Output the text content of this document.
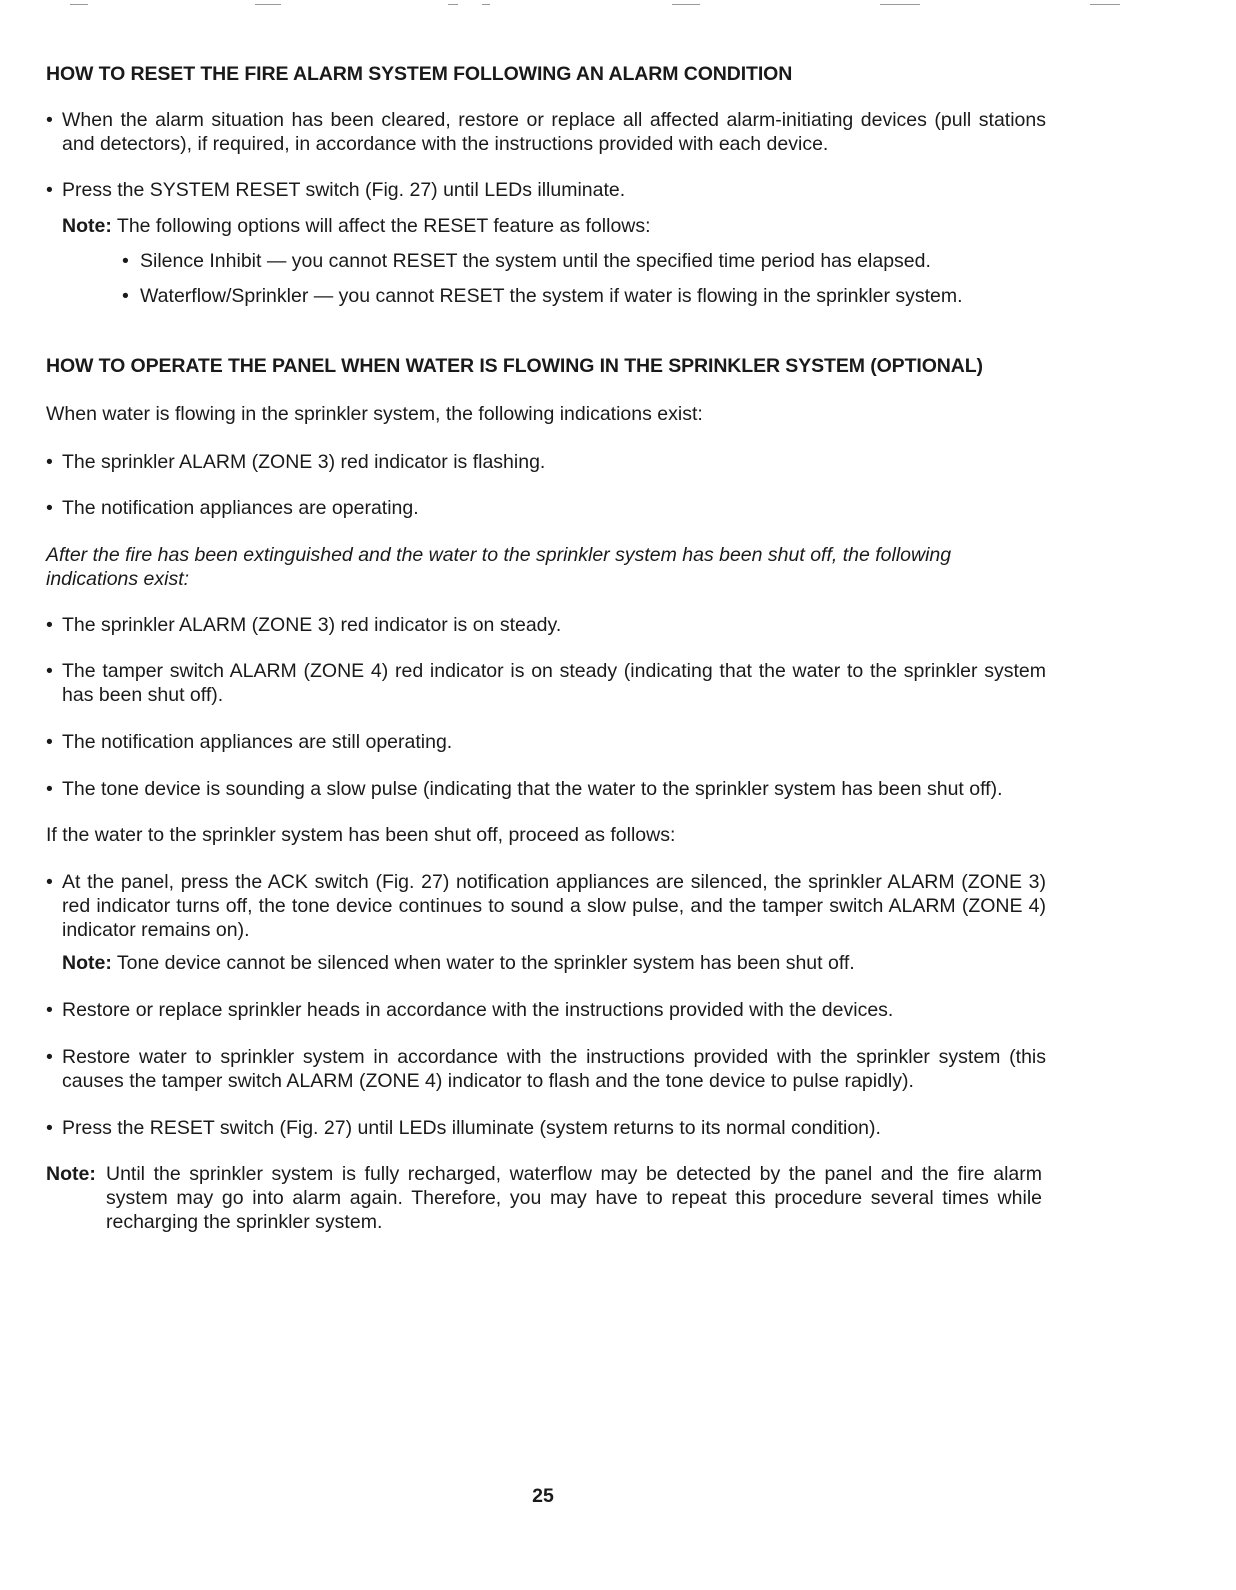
HOW TO RESET THE FIRE ALARM SYSTEM FOLLOWING AN ALARM CONDITION
• When the alarm situation has been cleared, restore or replace all affected alarm-initiating devices (pull stations and detectors), if required, in accordance with the instructions provided with each device.
• Press the SYSTEM RESET switch (Fig. 27) until LEDs illuminate.
Note: The following options will affect the RESET feature as follows:
• Silence Inhibit — you cannot RESET the system until the specified time period has elapsed.
• Waterflow/Sprinkler — you cannot RESET the system if water is flowing in the sprinkler system.
HOW TO OPERATE THE PANEL WHEN WATER IS FLOWING IN THE SPRINKLER SYSTEM (OPTIONAL)
When water is flowing in the sprinkler system, the following indications exist:
• The sprinkler ALARM (ZONE 3) red indicator is flashing.
• The notification appliances are operating.
After the fire has been extinguished and the water to the sprinkler system has been shut off, the following indications exist:
• The sprinkler ALARM (ZONE 3) red indicator is on steady.
• The tamper switch ALARM (ZONE 4) red indicator is on steady (indicating that the water to the sprinkler system has been shut off).
• The notification appliances are still operating.
• The tone device is sounding a slow pulse (indicating that the water to the sprinkler system has been shut off).
If the water to the sprinkler system has been shut off, proceed as follows:
• At the panel, press the ACK switch (Fig. 27) notification appliances are silenced, the sprinkler ALARM (ZONE 3) red indicator turns off, the tone device continues to sound a slow pulse, and the tamper switch ALARM (ZONE 4) indicator remains on).
Note: Tone device cannot be silenced when water to the sprinkler system has been shut off.
• Restore or replace sprinkler heads in accordance with the instructions provided with the devices.
• Restore water to sprinkler system in accordance with the instructions provided with the sprinkler system (this causes the tamper switch ALARM (ZONE 4) indicator to flash and the tone device to pulse rapidly).
• Press the RESET switch (Fig. 27) until LEDs illuminate (system returns to its normal condition).
Note: Until the sprinkler system is fully recharged, waterflow may be detected by the panel and the fire alarm system may go into alarm again. Therefore, you may have to repeat this procedure several times while recharging the sprinkler system.
25
